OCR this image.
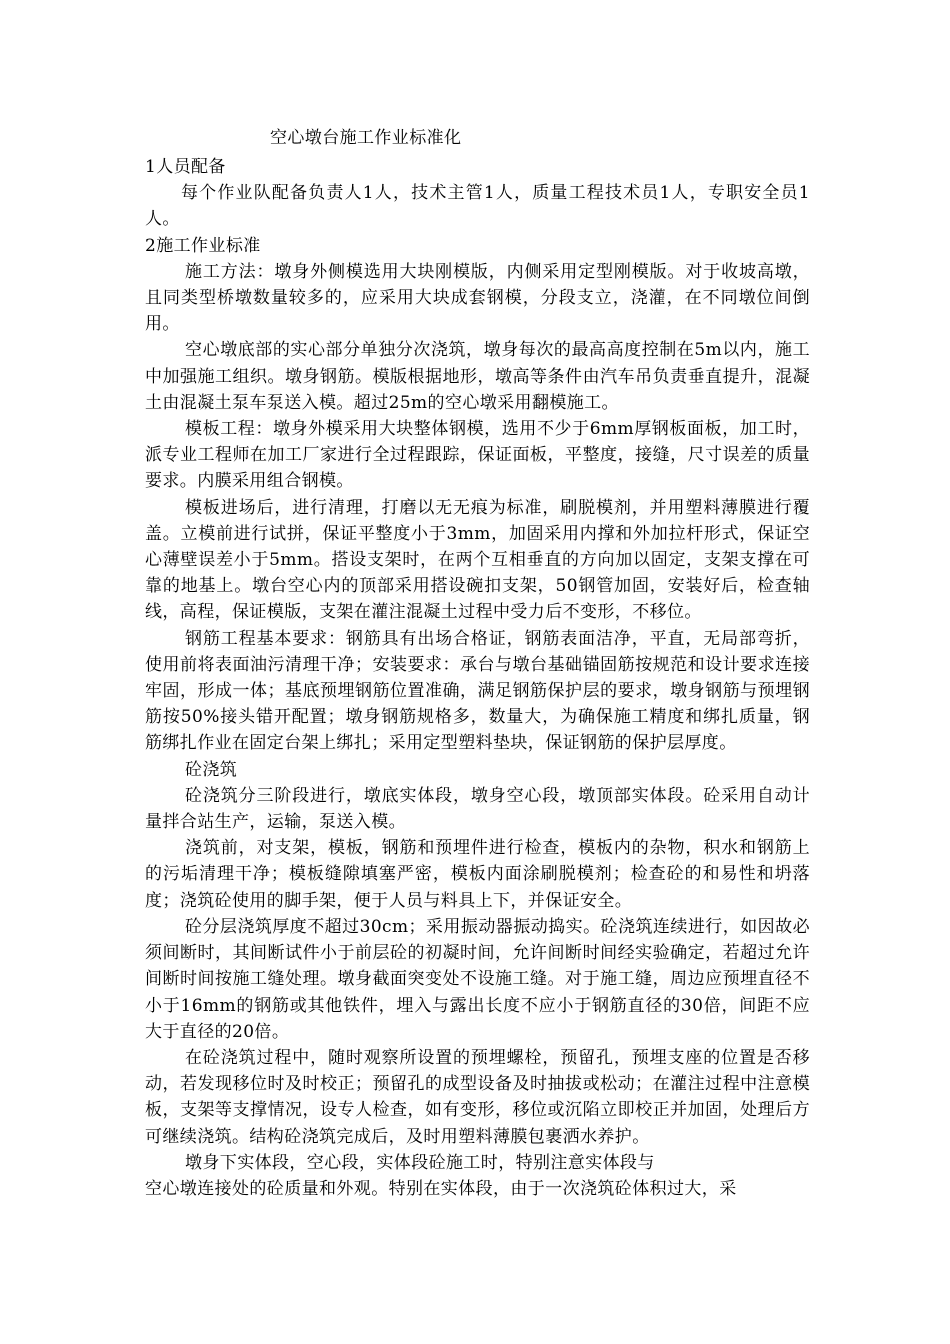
空心墩台施工作业标准化

1人员配备

每个作业队配备负责人1人，技术主管1人，质量工程技术员1人，专职安全员1人。

2施工作业标准

施工方法：墩身外侧模选用大块刚模版，内侧采用定型刚模版。对于收坡高墩，且同类型桥墩数量较多的，应采用大块成套钢模，分段支立，浇灌，在不同墩位间倒用。

空心墩底部的实心部分单独分次浇筑，墩身每次的最高高度控制在5m以内，施工中加强施工组织。墩身钢筋。模版根据地形，墩高等条件由汽车吊负责垂直提升，混凝土由混凝土泵车泵送入模。超过25m的空心墩采用翻模施工。

模板工程：墩身外模采用大块整体钢模，选用不少于6mm厚钢板面板，加工时，派专业工程师在加工厂家进行全过程跟踪，保证面板，平整度，接缝，尺寸误差的质量要求。内膜采用组合钢模。

模板进场后，进行清理，打磨以无无痕为标准，刷脱模剂，并用塑料薄膜进行覆盖。立模前进行试拼，保证平整度小于3mm，加固采用内撑和外加拉杆形式，保证空心薄壁误差小于5mm。搭设支架时，在两个互相垂直的方向加以固定，支架支撑在可靠的地基上。墩台空心内的顶部采用搭设碗扣支架，50钢管加固，安装好后，检查轴线，高程，保证模版，支架在灌注混凝土过程中受力后不变形，不移位。

钢筋工程基本要求：钢筋具有出场合格证，钢筋表面洁净，平直，无局部弯折，使用前将表面油污清理干净；安装要求：承台与墩台基础锚固筋按规范和设计要求连接牢固，形成一体；基底预埋钢筋位置准确，满足钢筋保护层的要求，墩身钢筋与预埋钢筋按50%接头错开配置；墩身钢筋规格多，数量大，为确保施工精度和绑扎质量，钢筋绑扎作业在固定台架上绑扎；采用定型塑料垫块，保证钢筋的保护层厚度。

砼浇筑

砼浇筑分三阶段进行，墩底实体段，墩身空心段，墩顶部实体段。砼采用自动计量拌合站生产，运输，泵送入模。

浇筑前，对支架，模板，钢筋和预埋件进行检查，模板内的杂物，积水和钢筋上的污垢清理干净；模板缝隙填塞严密，模板内面涂刷脱模剂；检查砼的和易性和坍落度；浇筑砼使用的脚手架，便于人员与料具上下，并保证安全。

砼分层浇筑厚度不超过30cm；采用振动器振动捣实。砼浇筑连续进行，如因故必须间断时，其间断试件小于前层砼的初凝时间，允许间断时间经实验确定，若超过允许间断时间按施工缝处理。墩身截面突变处不设施工缝。对于施工缝，周边应预埋直径不小于16mm的钢筋或其他铁件，埋入与露出长度不应小于钢筋直径的30倍，间距不应大于直径的20倍。

在砼浇筑过程中，随时观察所设置的预埋螺栓，预留孔，预埋支座的位置是否移动，若发现移位时及时校正；预留孔的成型设备及时抽拔或松动；在灌注过程中注意模板，支架等支撑情况，设专人检查，如有变形，移位或沉陷立即校正并加固，处理后方可继续浇筑。结构砼浇筑完成后，及时用塑料薄膜包裹洒水养护。

墩身下实体段，空心段，实体段砼施工时，特别注意实体段与
空心墩连接处的砼质量和外观。特别在实体段，由于一次浇筑砼体积过大，采
